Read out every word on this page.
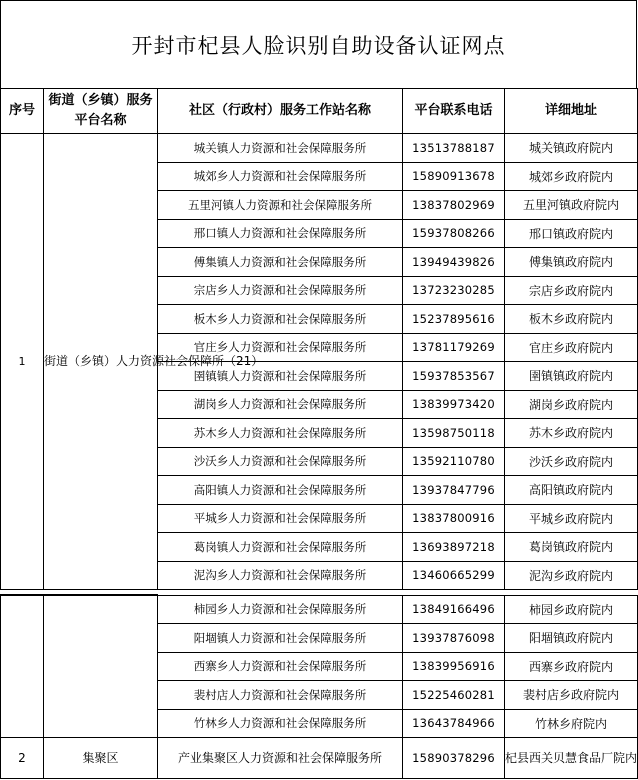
开封市杞县人脸识别自助设备认证网点
序号	街道（乡镇）服务平台名称	社区（行政村）服务工作站名称	平台联系电话	详细地址
1	街道（乡镇）人力资源社会保障所（21）	城关镇人力资源和社会保障服务所	13513788187	城关镇政府院内
		城郊乡人力资源和社会保障服务所	15890913678	城郊乡政府院内
		五里河镇人力资源和社会保障服务所	13837802969	五里河镇政府院内
		邢口镇人力资源和社会保障服务所	15937808266	邢口镇政府院内
		傅集镇人力资源和社会保障服务所	13949439826	傅集镇政府院内
		宗店乡人力资源和社会保障服务所	13723230285	宗店乡政府院内
		板木乡人力资源和社会保障服务所	15237895616	板木乡政府院内
		官庄乡人力资源和社会保障服务所	13781179269	官庄乡政府院内
		圉镇镇人力资源和社会保障服务所	15937853567	圉镇镇政府院内
		湖岗乡人力资源和社会保障服务所	13839973420	湖岗乡政府院内
		苏木乡人力资源和社会保障服务所	13598750118	苏木乡政府院内
		沙沃乡人力资源和社会保障服务所	13592110780	沙沃乡政府院内
		高阳镇人力资源和社会保障服务所	13937847796	高阳镇政府院内
		平城乡人力资源和社会保障服务所	13837800916	平城乡政府院内
		葛岗镇人力资源和社会保障服务所	13693897218	葛岗镇政府院内
		泥沟乡人力资源和社会保障服务所	13460665299	泥沟乡政府院内
		柿园乡人力资源和社会保障服务所	13849166496	柿园乡政府院内
		阳堌镇人力资源和社会保障服务所	13937876098	阳堌镇政府院内
		西寨乡人力资源和社会保障服务所	13839956916	西寨乡政府院内
		裴村店人力资源和社会保障服务所	15225460281	裴村店乡政府院内
		竹林乡人力资源和社会保障服务所	13643784966	竹林乡府院内
2	集聚区	产业集聚区人力资源和社会保障服务所	15890378296	杞县西关贝慧食品厂院内
